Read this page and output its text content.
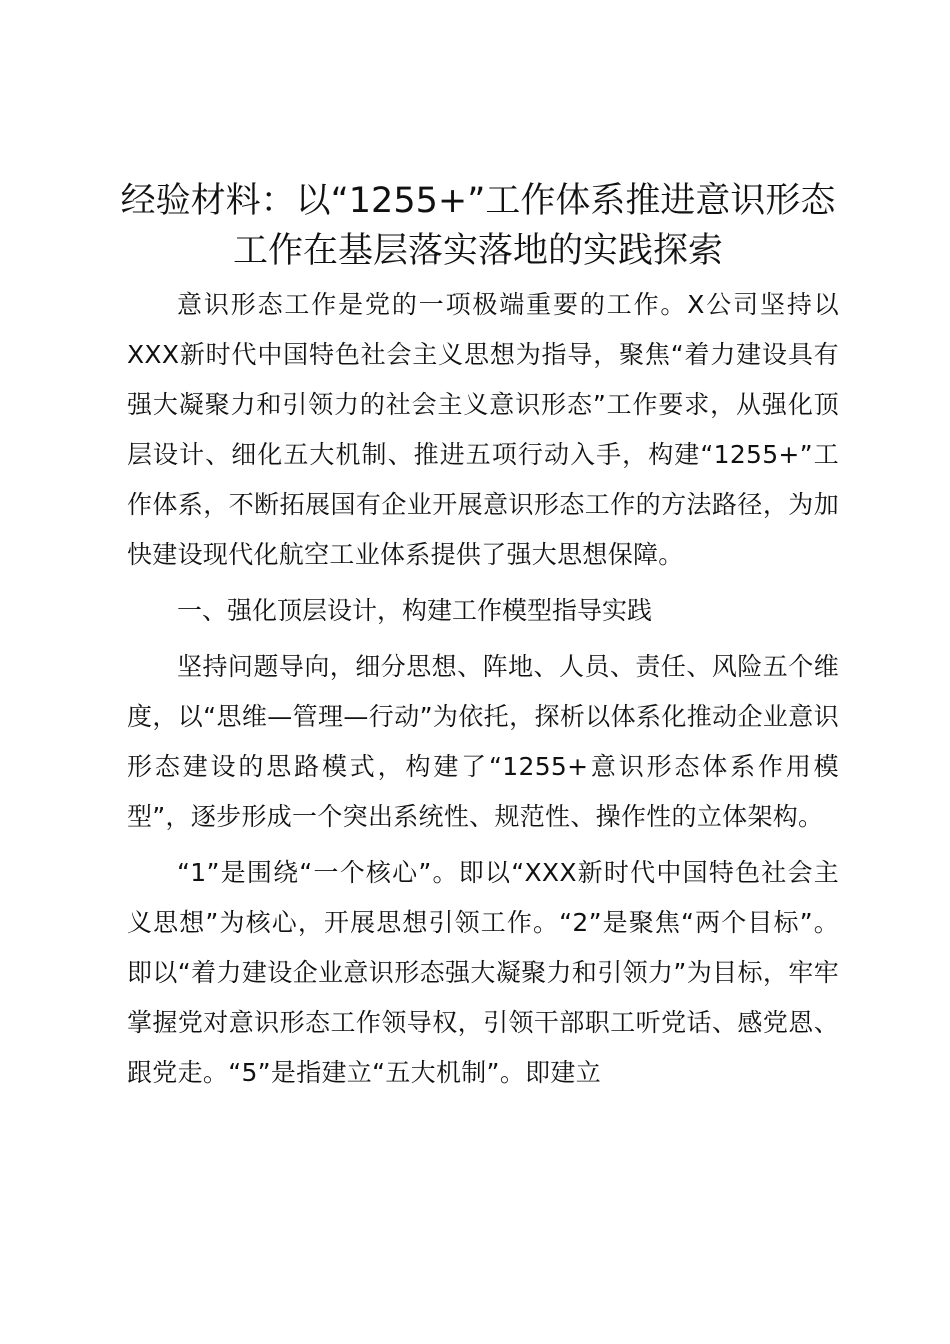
经验材料：以“1255+”工作体系推进意识形态工作在基层落实落地的实践探索

意识形态工作是党的一项极端重要的工作。X公司坚持以XXX新时代中国特色社会主义思想为指导，聚焦“着力建设具有强大凝聚力和引领力的社会主义意识形态”工作要求，从强化顶层设计、细化五大机制、推进五项行动入手，构建“1255+”工作体系，不断拓展国有企业开展意识形态工作的方法路径，为加快建设现代化航空工业体系提供了强大思想保障。

一、强化顶层设计，构建工作模型指导实践

坚持问题导向，细分思想、阵地、人员、责任、风险五个维度，以“思维—管理—行动”为依托，探析以体系化推动企业意识形态建设的思路模式，构建了“1255+意识形态体系作用模型”，逐步形成一个突出系统性、规范性、操作性的立体架构。

“1”是围绕“一个核心”。即以“XXX新时代中国特色社会主义思想”为核心，开展思想引领工作。“2”是聚焦“两个目标”。即以“着力建设企业意识形态强大凝聚力和引领力”为目标，牢牢掌握党对意识形态工作领导权，引领干部职工听党话、感党恩、跟党走。“5”是指建立“五大机制”。即建立
